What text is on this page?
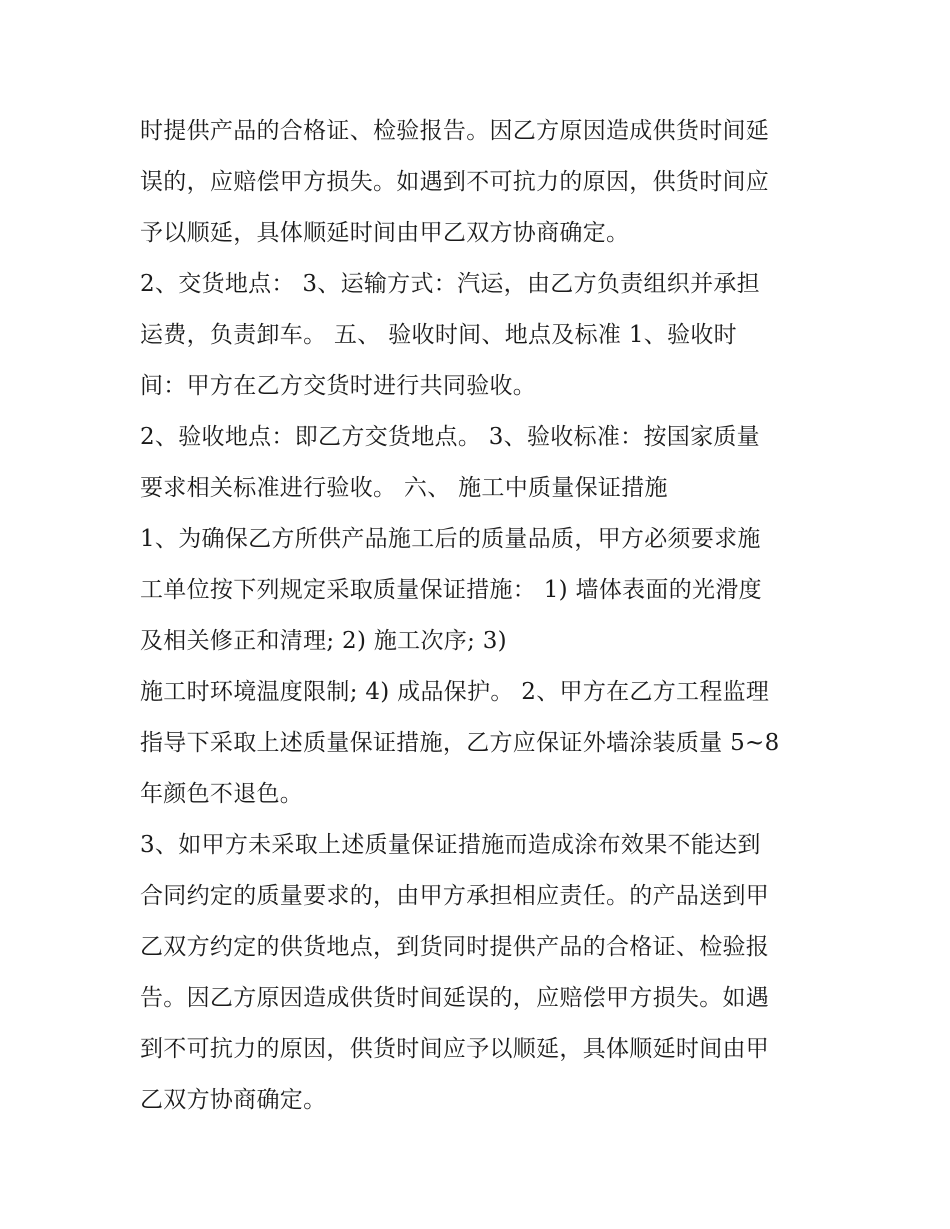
时提供产品的合格证、检验报告。因乙方原因造成供货时间延
误的，应赔偿甲方损失。如遇到不可抗力的原因，供货时间应
予以顺延，具体顺延时间由甲乙双方协商确定。
2、交货地点： 3、运输方式：汽运，由乙方负责组织并承担
运费，负责卸车。 五、 验收时间、地点及标准 1、验收时
间：甲方在乙方交货时进行共同验收。
2、验收地点：即乙方交货地点。 3、验收标准：按国家质量
要求相关标准进行验收。 六、 施工中质量保证措施
1、为确保乙方所供产品施工后的质量品质，甲方必须要求施
工单位按下列规定采取质量保证措施： 1) 墙体表面的光滑度
及相关修正和清理; 2) 施工次序; 3)
施工时环境温度限制; 4) 成品保护。 2、甲方在乙方工程监理
指导下采取上述质量保证措施，乙方应保证外墙涂装质量 5~8
年颜色不退色。
3、如甲方未采取上述质量保证措施而造成涂布效果不能达到
合同约定的质量要求的，由甲方承担相应责任。的产品送到甲
乙双方约定的供货地点，到货同时提供产品的合格证、检验报
告。因乙方原因造成供货时间延误的，应赔偿甲方损失。如遇
到不可抗力的原因，供货时间应予以顺延，具体顺延时间由甲
乙双方协商确定。
